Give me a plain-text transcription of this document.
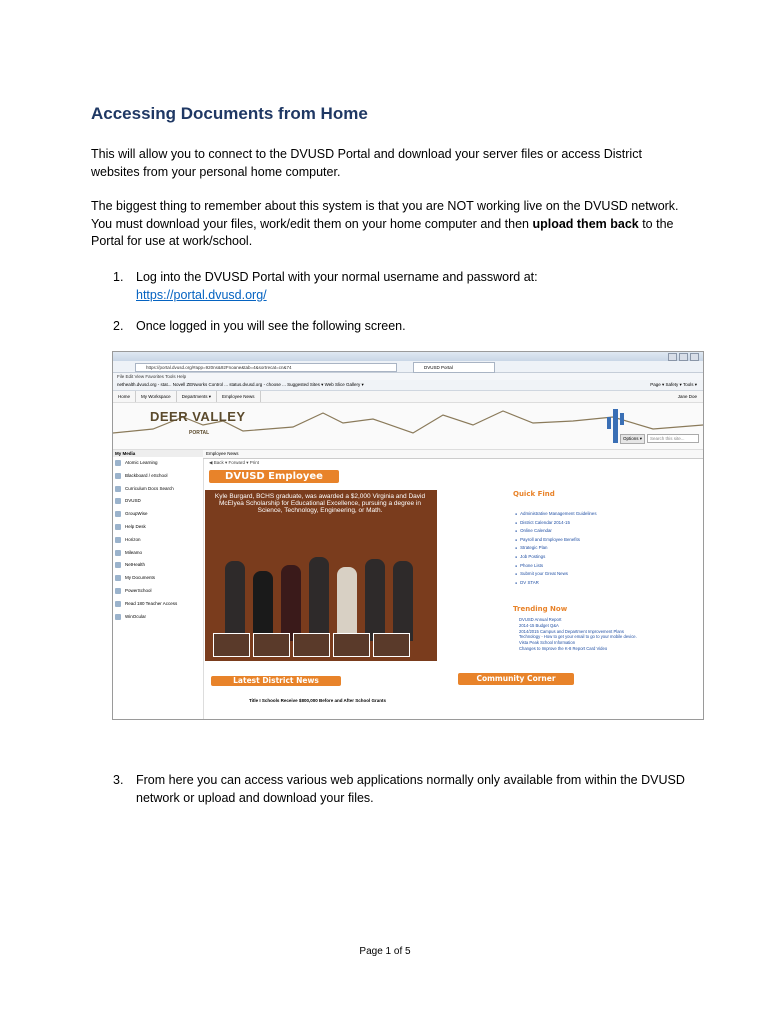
Accessing Documents from Home
This will allow you to connect to the DVUSD Portal and download your server files or access District websites from your personal home computer.
The biggest thing to remember about this system is that you are NOT working live on the DVUSD network. You must download your files, work/edit them on your home computer and then upload them back to the Portal for use at work/school.
1. Log into the DVUSD Portal with your normal username and password at:
https://portal.dvusd.org/
2. Once logged in you will see the following screen.
https://portal.dvusd.org/#app=920ns&92Fnoane&tab=4&sortrecat=cn&74	DVUSD Portal
File Edit View Favorites Tools Help
nethealth.dvusd.org - stat... Novell ZENworks Control ... status.dvusd.org - choose ... Suggested Sites ▾ Web Slice Gallery ▾	Page ▾ Safety ▾ Tools ▾
Home My Workspace Departments ▾ Employee News	Jane Doe
DEER VALLEY
PORTAL
Options ▾	Search this site...
My Media
Atomic Learning
Blackboard / eSchool
Curriculum Docs Search
DVUSD
GroupWise
Help Desk
Horizon
Mileamo
NetHealth
My Documents
PowerSchool
Read 180 Teacher Access
WinOcular
Employee News
◀ Back ▾ Forward ▾ Print
DVUSD Employee
Kyle Burgard, BCHS graduate, was awarded a $2,000 Virginia and David McElyea Scholarship for Educational Excellence, pursuing a degree in Science, Technology, Engineering, or Math.
Quick Find
● Administrative Management Guidelines
● District Calendar 2014-15
● Online Calendar
● Payroll and Employee Benefits
● Strategic Plan
● Job Postings
● Phone Lists
● Submit your Great News
● DV STAR
Trending Now
DVUSD Annual Report
2014-15 Budget Q&A
2014/2015 Campus and Department Improvement Plans
Technology - How to get your email to go to your mobile device.
Vista Peak School Information
Changes to Improve the K-8 Report Card Video
Latest District News	Community Corner
Title I Schools Receive $800,000 Before and After School Grants
3. From here you can access various web applications normally only available from within the DVUSD network or upload and download your files.
Page 1 of 5
